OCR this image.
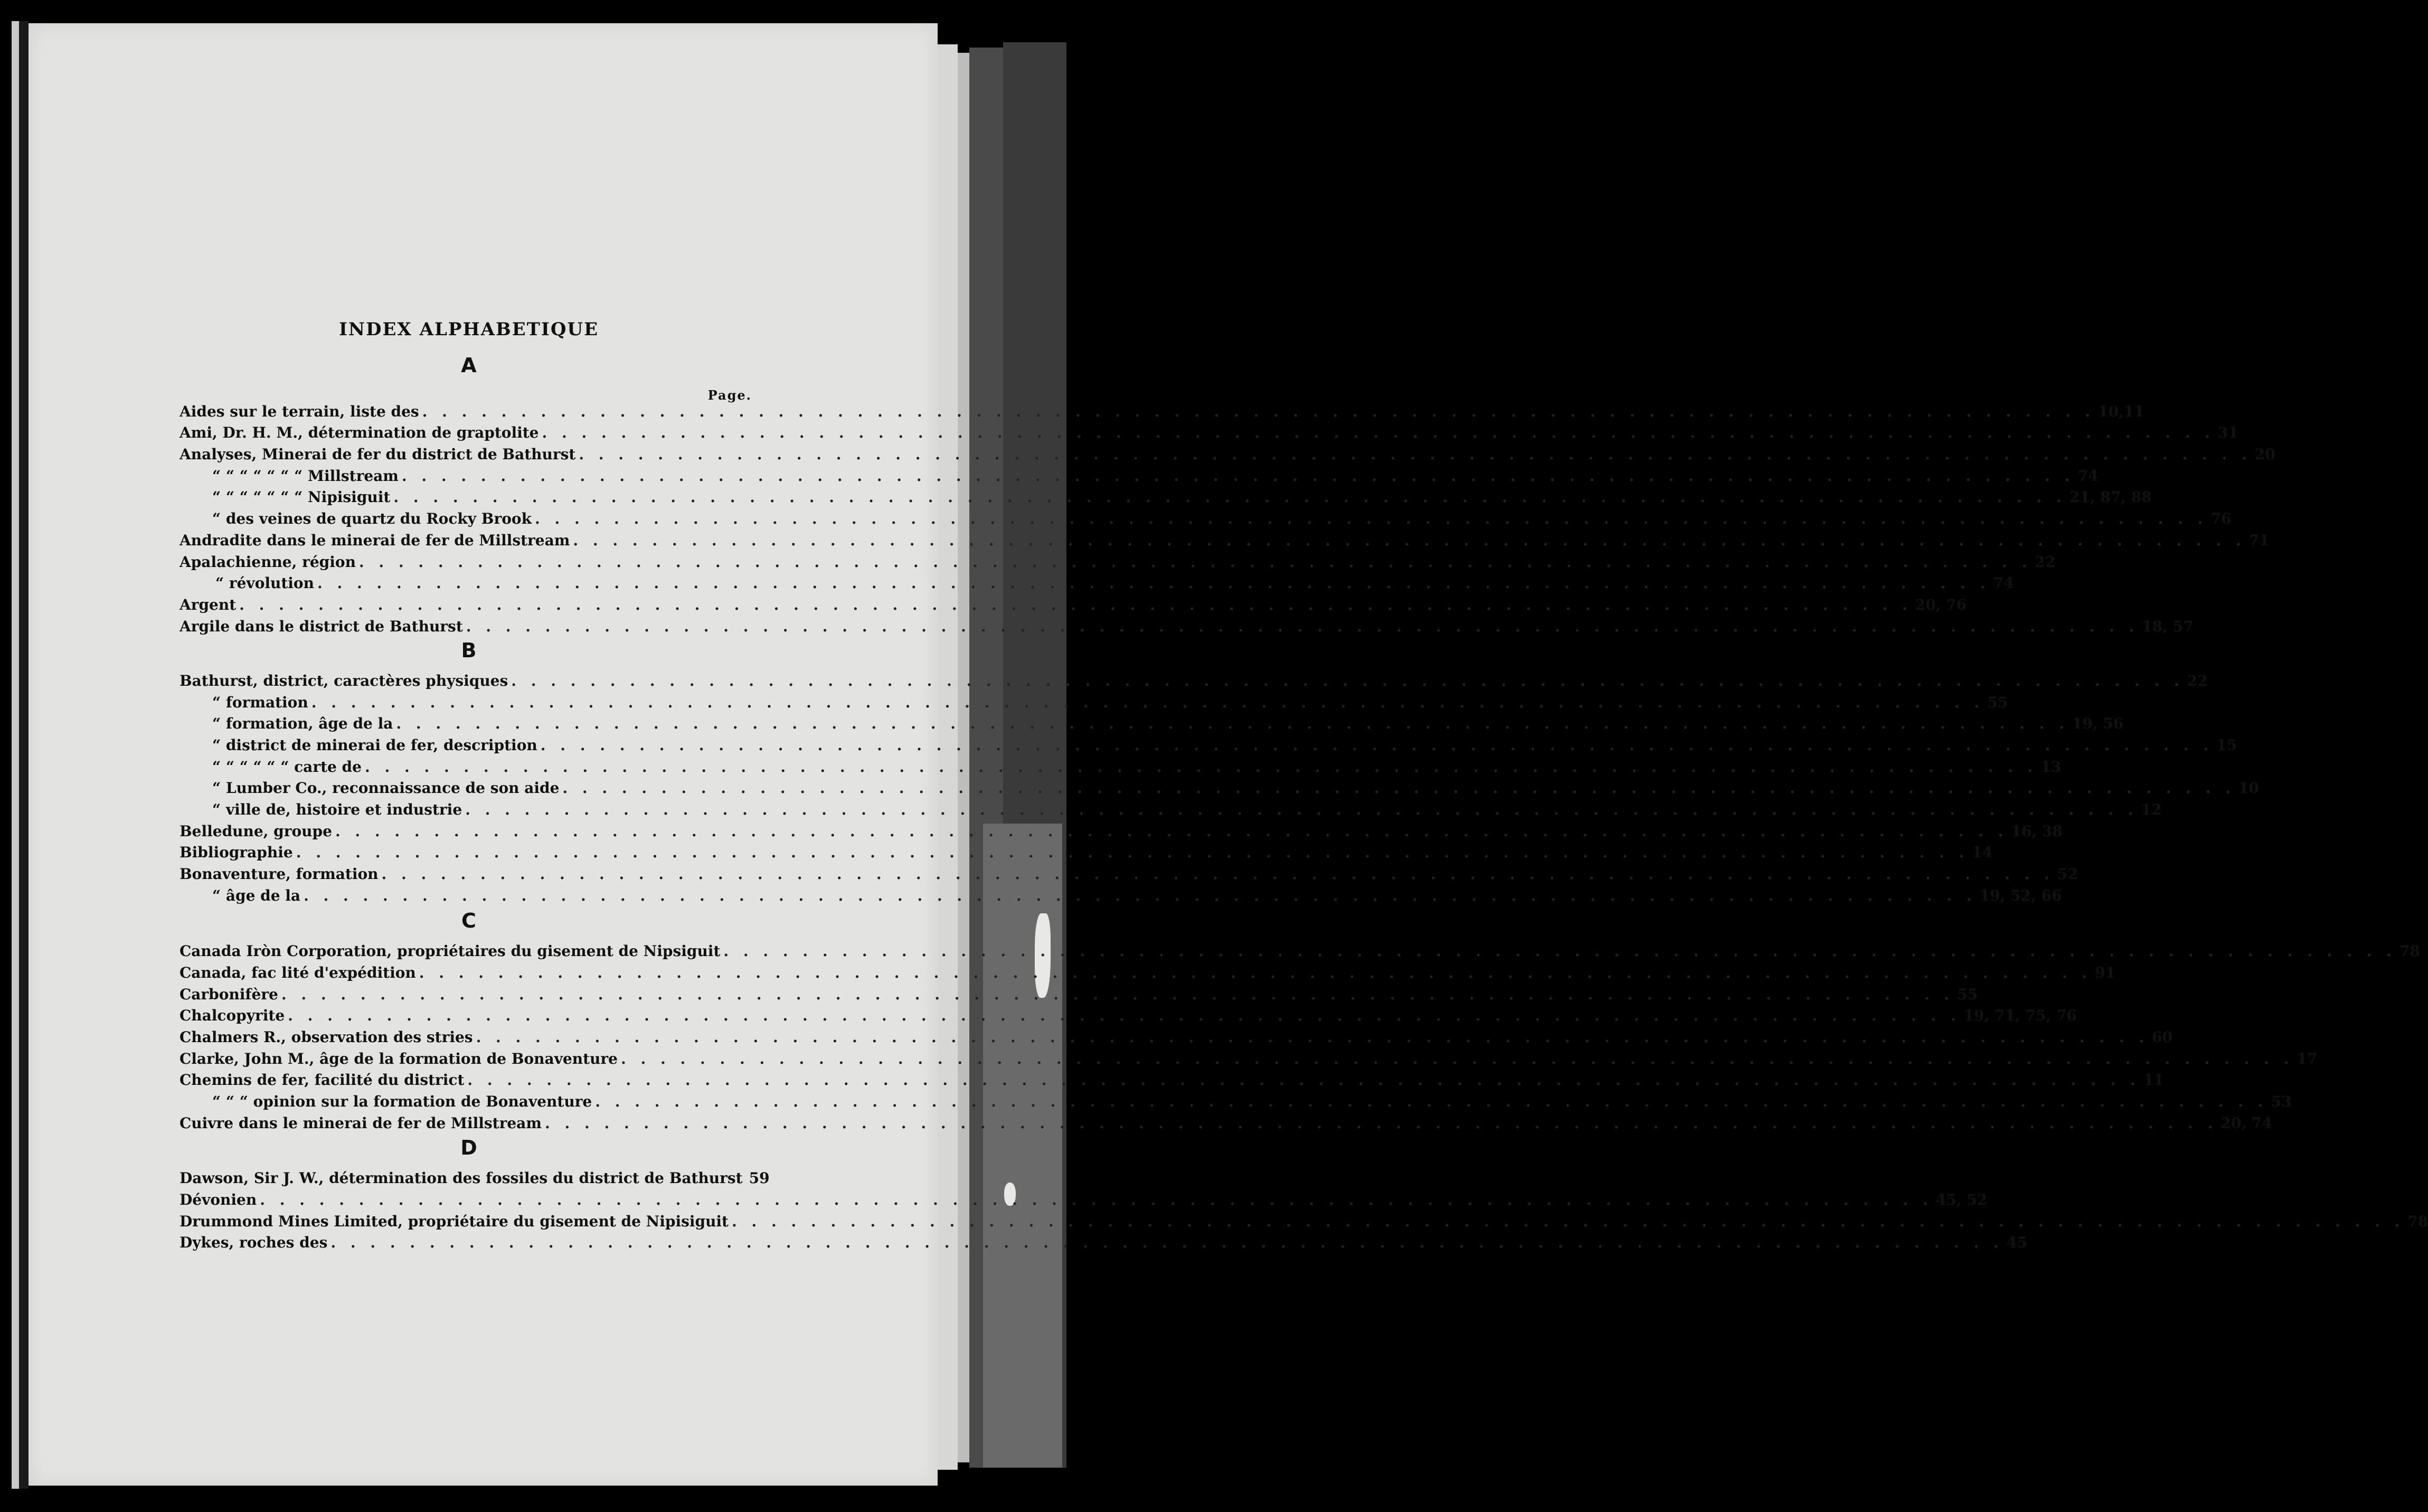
INDEX ALPHABETIQUE
A
Page.
Aides sur le terrain, liste des . . .	10,11
Ami, Dr. H. M., détermination de graptolite . . .	31
Analyses, Minerai de fer du district de Bathurst . . .	20
“ “ “ “ “ “ “ Millstream . . .	74
“ “ “ “ “ “ “ Nipisiguit . . .	21, 87, 88
“ des veines de quartz du Rocky Brook . . .	76
Andradite dans le minerai de fer de Millstream . . .	71
Apalachienne, région . . .	22
“ révolution . . .	74
Argent . . .	20, 76
Argile dans le district de Bathurst . . .	18, 57
B
Bathurst, district, caractères physiques . . .	22
“ formation . . .	55
“ formation, âge de la . . .	19, 56
“ district de minerai de fer, description . . .	15
“ “ “ “ “ “ carte de . . .	13
“ Lumber Co., reconnaissance de son aide . . .	10
“ ville de, histoire et industrie . . .	12
Belledune, groupe . . .	16, 38
Bibliographie . . .	14
Bonaventure, formation . . .	52
“ âge de la . . .	19, 52, 66
C
Canada Iròn Corporation, propriétaires du gisement de Nipsiguit . . .	78
Canada, fac lité d'expédition . . .	91
Carbonifère . . .	55
Chalcopyrite . . .	19, 71, 75, 76
Chalmers R., observation des stries . . .	60
Clarke, John M., âge de la formation de Bonaventure . . .	17
Chemins de fer, facilité du district . . .	11
“ “ “ opinion sur la formation de Bonaventure . . .	53
Cuivre dans le minerai de fer de Millstream . . .	20, 74
D
Dawson, Sir J. W., détermination des fossiles du district de Bathurst 59
Dévonien . . .	45, 52
Drummond Mines Limited, propriétaire du gisement de Nipisiguit . . .	78
Dykes, roches des . . .	45
